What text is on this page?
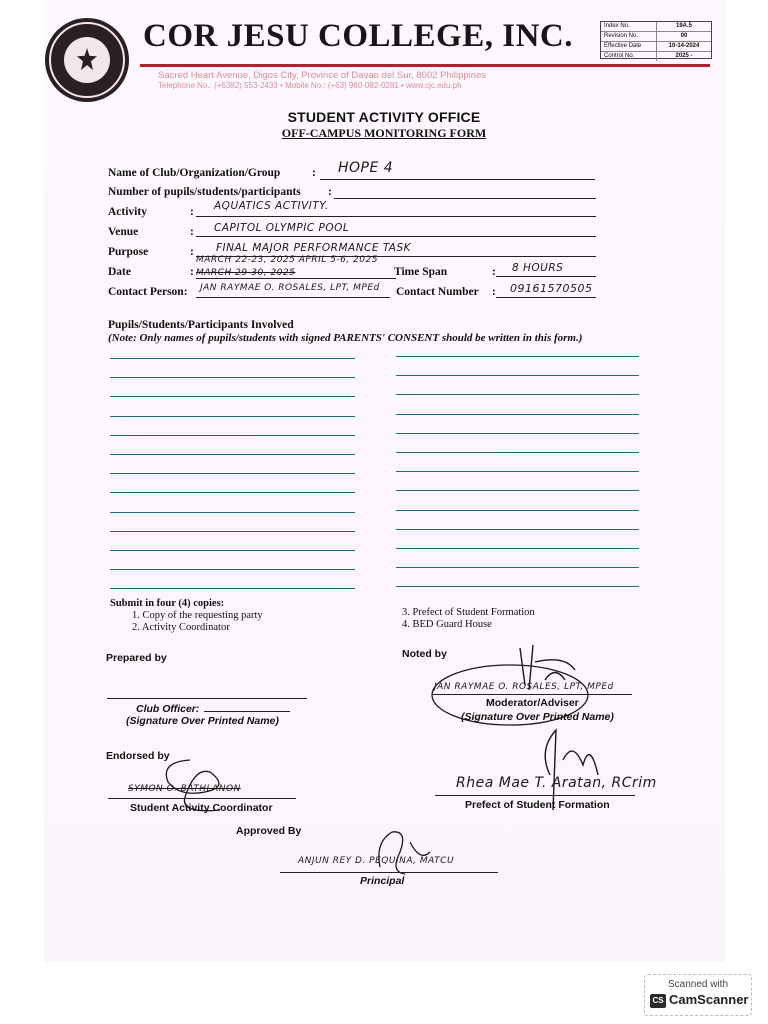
COR JESU COLLEGE, INC.
Sacred Heart Avenue, Digos City, Province of Davao del Sur, 8002 Philippines
Telephone No.: (+6382) 553-2433 • Mobile No.: (+63) 960-082-0281 • www.cjc.edu.ph
Index No.	19A.5
Revision No.	00
Effective Date	10-14-2024
Control No.	2025 -
STUDENT ACTIVITY OFFICE
OFF-CAMPUS MONITORING FORM
Name of Club/Organization/Group	: HOPE 4
Number of pupils/students/participants :
Activity	: AQUATICS ACTIVITY.
Venue	: CAPITOL OLYMPIC POOL
Purpose	: FINAL MAJOR PERFORMANCE TASK
MARCH 22-23, 2025 APRIL 5-6, 2025
Date	: MARCH 29-30, 2025	Time Span	: 8 HOURS
Contact Person: JAN RAYMAE O. ROSALES, LPT, MPEd Contact Number : 09161570505
Pupils/Students/Participants Involved
(Note: Only names of pupils/students with signed PARENTS' CONSENT should be written in this form.)
Submit in four (4) copies:
1. Copy of the requesting party
2. Activity Coordinator
3. Prefect of Student Formation
4. BED Guard House
Prepared by
Club Officer:
(Signature Over Printed Name)
Noted by
JAN RAYMAE O. ROSALES, LPT, MPEd
Moderator/Adviser
(Signature Over Printed Name)
Endorsed by
SYMON O. BATHLANON
Student Activity Coordinator
Rhea Mae T. Aratan, RCrim
Prefect of Student Formation
Approved By
ANJUN REY D. PEQUINA, MATCU
Principal
Scanned with
CS CamScanner
